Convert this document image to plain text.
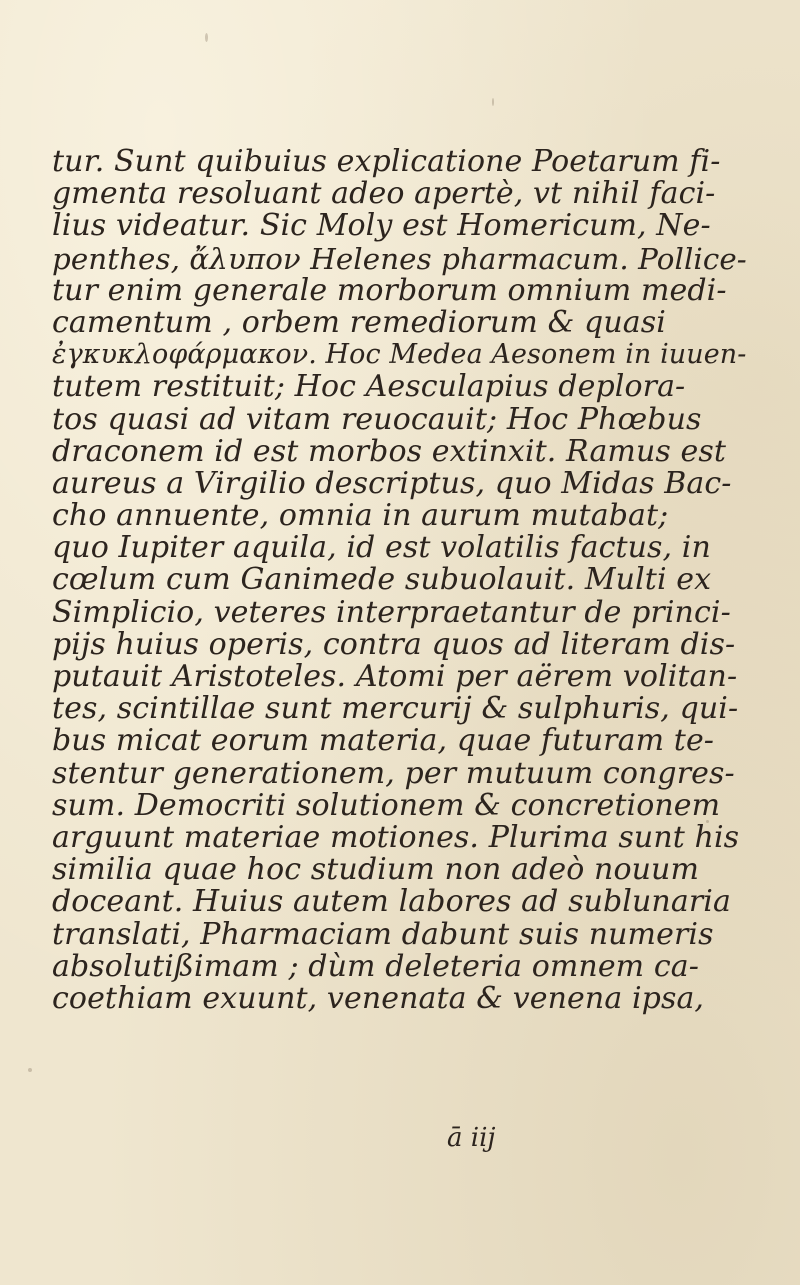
tur. Sunt quibuius explicatione Poetarum fi-
gmenta resoluant adeo apertè, vt nihil faci-
lius videatur. Sic Moly est Homericum, Ne-
penthes, ἄλυπον Helenes pharmacum. Pollice-
tur enim generale morborum omnium medi-
camentum , orbem remediorum & quasi
ἐγκυκλοφάρμακον. Hoc Medea Aesonem in iuuen-
tutem restituit; Hoc Aesculapius deplora-
tos quasi ad vitam reuocauit; Hoc Phœbus
draconem id est morbos extinxit. Ramus est
aureus a Virgilio descriptus, quo Midas Bac-
cho annuente, omnia in aurum mutabat;
quo Iupiter aquila, id est volatilis factus, in
cœlum cum Ganimede subuolauit. Multi ex
Simplicio, veteres interpraetantur de princi-
pijs huius operis, contra quos ad literam dis-
putauit Aristoteles. Atomi per aërem volitan-
tes, scintillae sunt mercurij & sulphuris, qui-
bus micat eorum materia, quae futuram te-
stentur generationem, per mutuum congres-
sum. Democriti solutionem & concretionem
arguunt materiae motiones. Plurima sunt his
similia quae hoc studium non adeò nouum
doceant. Huius autem labores ad sublunaria
translati, Pharmaciam dabunt suis numeris
absolutißimam ; dùm deleteria omnem ca-
coethiam exuunt, venenata & venena ipsa,
ā iij
